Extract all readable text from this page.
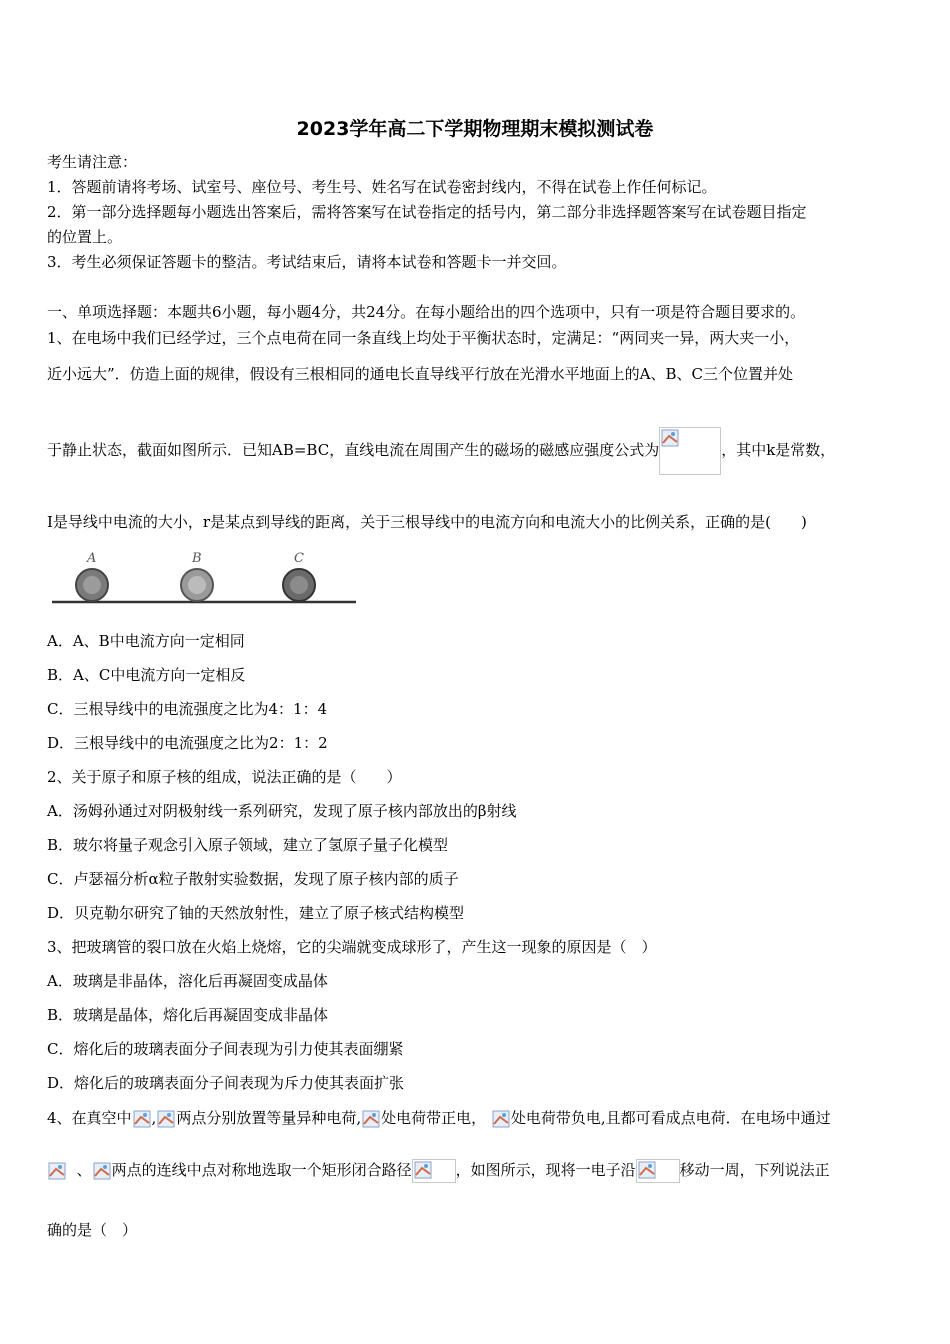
2023学年高二下学期物理期末模拟测试卷
考生请注意：
1．答题前请将考场、试室号、座位号、考生号、姓名写在试卷密封线内，不得在试卷上作任何标记。
2．第一部分选择题每小题选出答案后，需将答案写在试卷指定的括号内，第二部分非选择题答案写在试卷题目指定
的位置上。
3．考生必须保证答题卡的整洁。考试结束后，请将本试卷和答题卡一并交回。
一、单项选择题：本题共6小题，每小题4分，共24分。在每小题给出的四个选项中，只有一项是符合题目要求的。
1、在电场中我们已经学过，三个点电荷在同一条直线上均处于平衡状态时，定满足：“两同夹一异，两大夹一小，
近小远大”．仿造上面的规律，假设有三根相同的通电长直导线平行放在光滑水平地面上的A、B、C三个位置并处
于静止状态，截面如图所示．已知AB=BC，直线电流在周围产生的磁场的磁感应强度公式为	，其中k是常数，
I是导线中电流的大小，r是某点到导线的距离，关于三根导线中的电流方向和电流大小的比例关系，正确的是(　　)
A	B	C
A．A、B中电流方向一定相同
B．A、C中电流方向一定相反
C．三根导线中的电流强度之比为4：1：4
D．三根导线中的电流强度之比为2：1：2
2、关于原子和原子核的组成，说法正确的是（　　）
A．汤姆孙通过对阴极射线一系列研究，发现了原子核内部放出的β射线
B．玻尔将量子观念引入原子领域，建立了氢原子量子化模型
C．卢瑟福分析α粒子散射实验数据，发现了原子核内部的质子
D．贝克勒尔研究了铀的天然放射性，建立了原子核式结构模型
3、把玻璃管的裂口放在火焰上烧熔，它的尖端就变成球形了，产生这一现象的原因是（　）
A．玻璃是非晶体，溶化后再凝固变成晶体
B．玻璃是晶体，熔化后再凝固变成非晶体
C．熔化后的玻璃表面分子间表现为引力使其表面绷紧
D．熔化后的玻璃表面分子间表现为斥力使其表面扩张
4、在真空中 , 两点分别放置等量异种电荷, 处电荷带正电， 处电荷带负电,且都可看成点电荷．在电场中通过
、 两点的连线中点对称地选取一个矩形闭合路径	，如图所示，现将一电子沿	移动一周，下列说法正
确的是（　）
